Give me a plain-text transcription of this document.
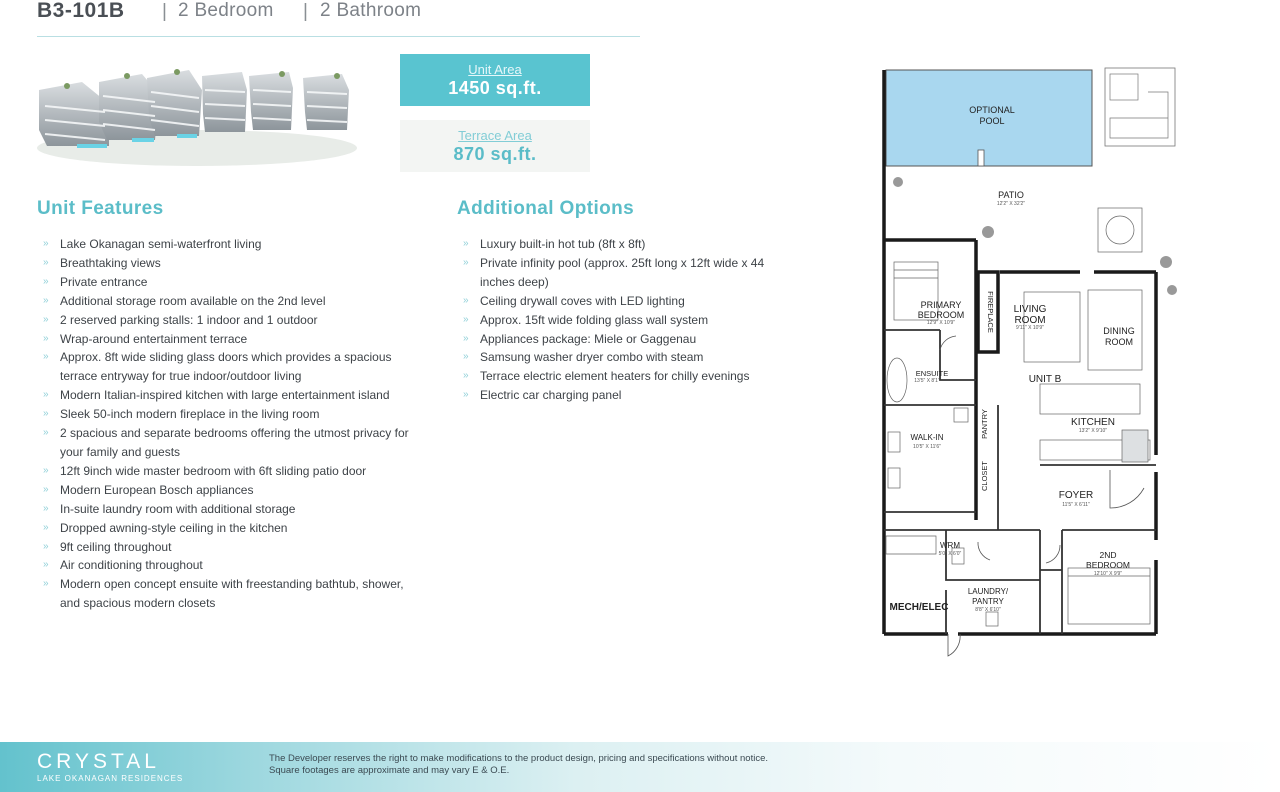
B3-101B | 2 Bedroom | 2 Bathroom
Unit Area
1450 sq.ft.
Terrace Area
870 sq.ft.
Unit Features
» Lake Okanagan semi-waterfront living
» Breathtaking views
» Private entrance
» Additional storage room available on the 2nd level
» 2 reserved parking stalls: 1 indoor and 1 outdoor
» Wrap-around entertainment terrace
» Approx. 8ft wide sliding glass doors which provides a spacious terrace entryway for true indoor/outdoor living
» Modern Italian-inspired kitchen with large entertainment island
» Sleek 50-inch modern fireplace in the living room
» 2 spacious and separate bedrooms offering the utmost privacy for your family and guests
» 12ft 9inch wide master bedroom with 6ft sliding patio door
» Modern European Bosch appliances
» In-suite laundry room with additional storage
» Dropped awning-style ceiling in the kitchen
» 9ft ceiling throughout
» Air conditioning throughout
» Modern open concept ensuite with freestanding bathtub, shower, and spacious modern closets
Additional Options
» Luxury built-in hot tub (8ft x 8ft)
» Private infinity pool (approx. 25ft long x 12ft wide x 44 inches deep)
» Ceiling drywall coves with LED lighting
» Approx. 15ft wide folding glass wall system
» Appliances package: Miele or Gaggenau
» Samsung washer dryer combo with steam
» Terrace electric element heaters for chilly evenings
» Electric car charging panel
OPTIONAL
POOL
PATIO
PRIMARY
BEDROOM	LIVING
ROOM
DINING
ROOM
UNIT B
KITCHEN
WALK-IN
FOYER
WRM
2ND
BEDROOM
MECH/ELEC
LAUNDRY/
PANTRY
12'2" X 32'2"
12'9" X 10'9"
9'11" X 10'9"
13'5" X 8'1"
13'2" X 9'10"
10'5" X 11'6"
11'5" X 6'11"
5'0" X 6'0"
12'10" X 9'9"
8'8" X 6'10"
ENSUITE
FIREPLACE
PANTRY
CLOSET
CRYSTAL
LAKE OKANAGAN RESIDENCES
The Developer reserves the right to make modifications to the product design, pricing and specifications without notice.
Square footages are approximate and may vary E & O.E.
